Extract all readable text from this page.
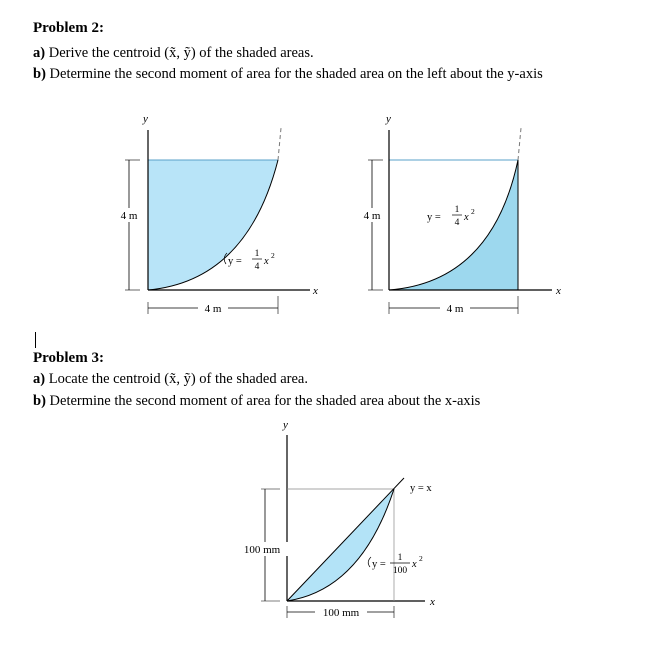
Problem 2:
a) Derive the centroid (x̃, ỹ) of the shaded areas.
b) Determine the second moment of area for the shaded area on the left about the y-axis
y
x
4 m
4 m
y =
1
4 x
2
y
x
4 m
4 m
y =
1
4 x
2
y
x
y = x
100 mm
100 mm
y =
1
100
x
2
Problem 3:
a) Locate the centroid (x̃, ỹ) of the shaded area.
b) Determine the second moment of area for the shaded area about the x-axis
